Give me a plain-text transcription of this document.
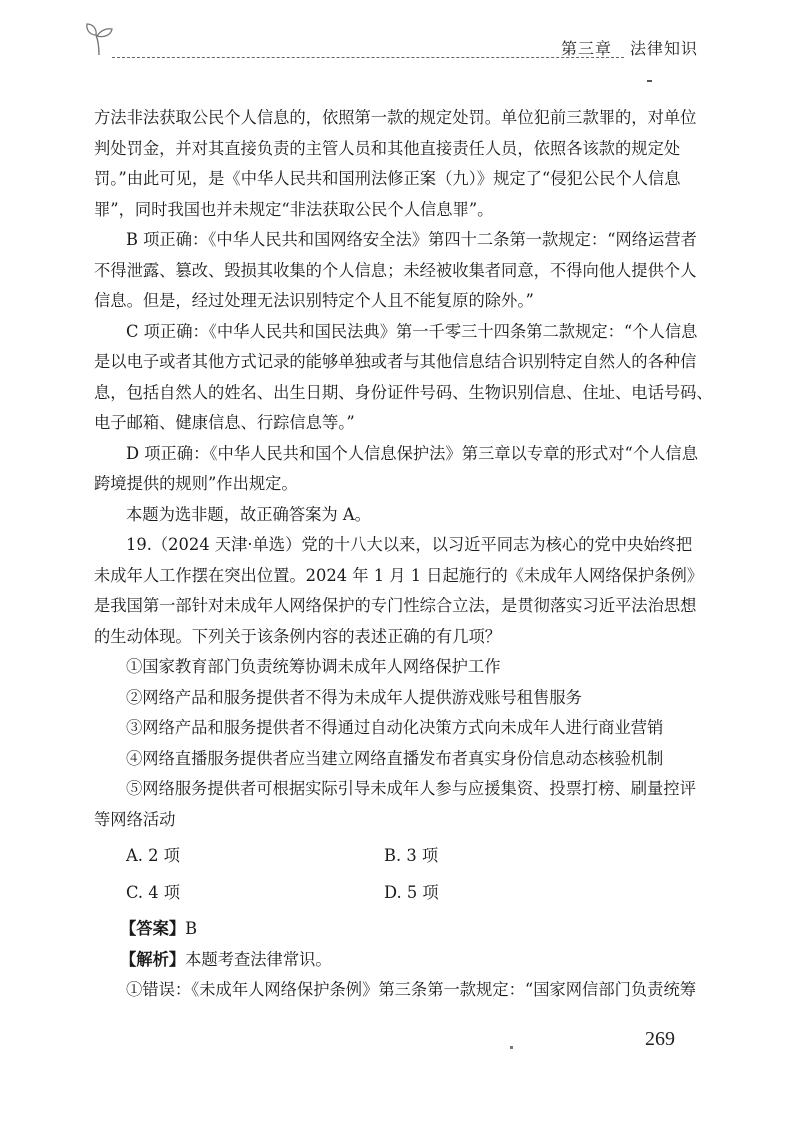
第三章 法律知识
方法非法获取公民个人信息的，依照第一款的规定处罚。单位犯前三款罪的，对单位
判处罚金，并对其直接负责的主管人员和其他直接责任人员，依照各该款的规定处
罚。”由此可见，是《中华人民共和国刑法修正案（九）》规定了“侵犯公民个人信息
罪”，同时我国也并未规定“非法获取公民个人信息罪”。
B 项正确：《中华人民共和国网络安全法》第四十二条第一款规定：“网络运营者
不得泄露、篡改、毁损其收集的个人信息；未经被收集者同意，不得向他人提供个人
信息。但是，经过处理无法识别特定个人且不能复原的除外。”
C 项正确：《中华人民共和国民法典》第一千零三十四条第二款规定：“个人信息
是以电子或者其他方式记录的能够单独或者与其他信息结合识别特定自然人的各种信
息，包括自然人的姓名、出生日期、身份证件号码、生物识别信息、住址、电话号码、
电子邮箱、健康信息、行踪信息等。”
D 项正确：《中华人民共和国个人信息保护法》第三章以专章的形式对“个人信息
跨境提供的规则”作出规定。
本题为选非题，故正确答案为 A。
19.（2024 天津·单选）党的十八大以来，以习近平同志为核心的党中央始终把
未成年人工作摆在突出位置。2024 年 1 月 1 日起施行的《未成年人网络保护条例》
是我国第一部针对未成年人网络保护的专门性综合立法，是贯彻落实习近平法治思想
的生动体现。下列关于该条例内容的表述正确的有几项？
①国家教育部门负责统筹协调未成年人网络保护工作
②网络产品和服务提供者不得为未成年人提供游戏账号租售服务
③网络产品和服务提供者不得通过自动化决策方式向未成年人进行商业营销
④网络直播服务提供者应当建立网络直播发布者真实身份信息动态核验机制
⑤网络服务提供者可根据实际引导未成年人参与应援集资、投票打榜、刷量控评
等网络活动
A. 2 项	B. 3 项
C. 4 项	D. 5 项
【答案】B
【解析】本题考查法律常识。
①错误：《未成年人网络保护条例》第三条第一款规定：“国家网信部门负责统筹
269
